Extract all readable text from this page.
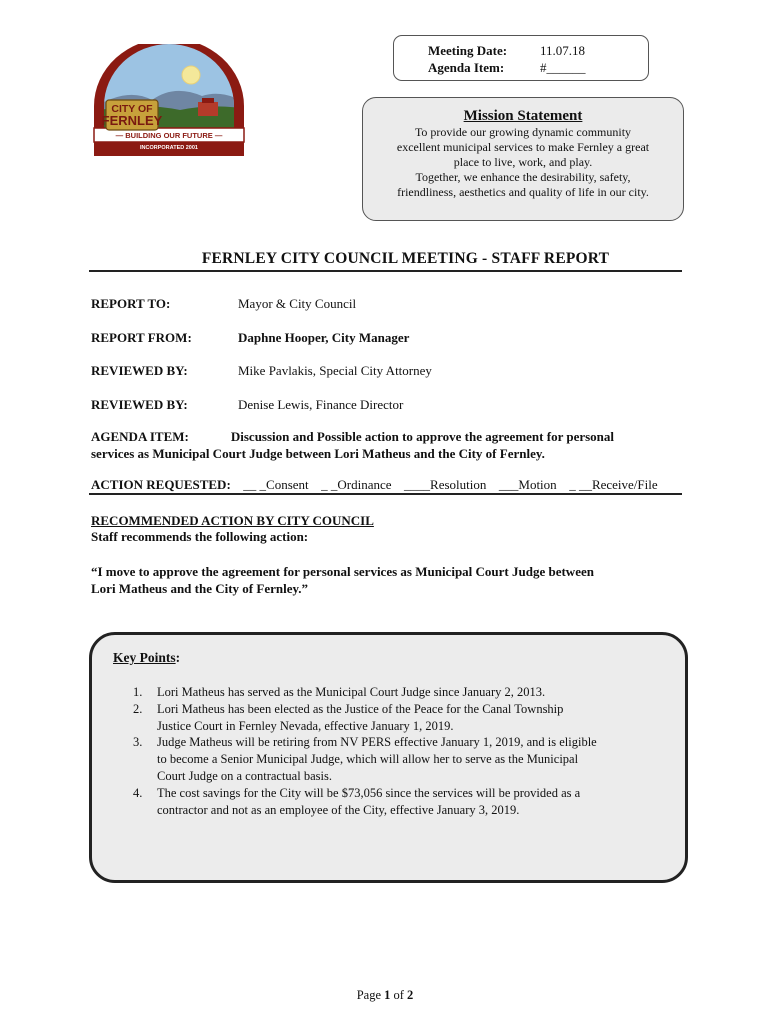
CITY OF
FERNLEY
— BUILDING OUR FUTURE —
INCORPORATED 2001
Meeting Date:	11.07.18
Agenda Item:	#______
Mission Statement
To provide our growing dynamic community
excellent municipal services to make Fernley a great
place to live, work, and play.
Together, we enhance the desirability, safety,
friendliness, aesthetics and quality of life in our city.
FERNLEY CITY COUNCIL MEETING - STAFF REPORT
REPORT TO:	Mayor & City Council
REPORT FROM:	Daphne Hooper, City Manager
REVIEWED BY:	Mike Pavlakis, Special City Attorney
REVIEWED BY:	Denise Lewis, Finance Director
AGENDA ITEM:	Discussion and Possible action to approve the agreement for personal
services as Municipal Court Judge between Lori Matheus and the City of Fernley.
ACTION REQUESTED: __ _Consent _ _Ordinance ____Resolution ___Motion _ __Receive/File
RECOMMENDED ACTION BY CITY COUNCIL
Staff recommends the following action:
“I move to approve the agreement for personal services as Municipal Court Judge between
Lori Matheus and the City of Fernley.”
Key Points:
1. Lori Matheus has served as the Municipal Court Judge since January 2, 2013.
2. Lori Matheus has been elected as the Justice of the Peace for the Canal Township
Justice Court in Fernley Nevada, effective January 1, 2019.
3. Judge Matheus will be retiring from NV PERS effective January 1, 2019, and is eligible
to become a Senior Municipal Judge, which will allow her to serve as the Municipal
Court Judge on a contractual basis.
4. The cost savings for the City will be $73,056 since the services will be provided as a
contractor and not as an employee of the City, effective January 3, 2019.
Page 1 of 2
